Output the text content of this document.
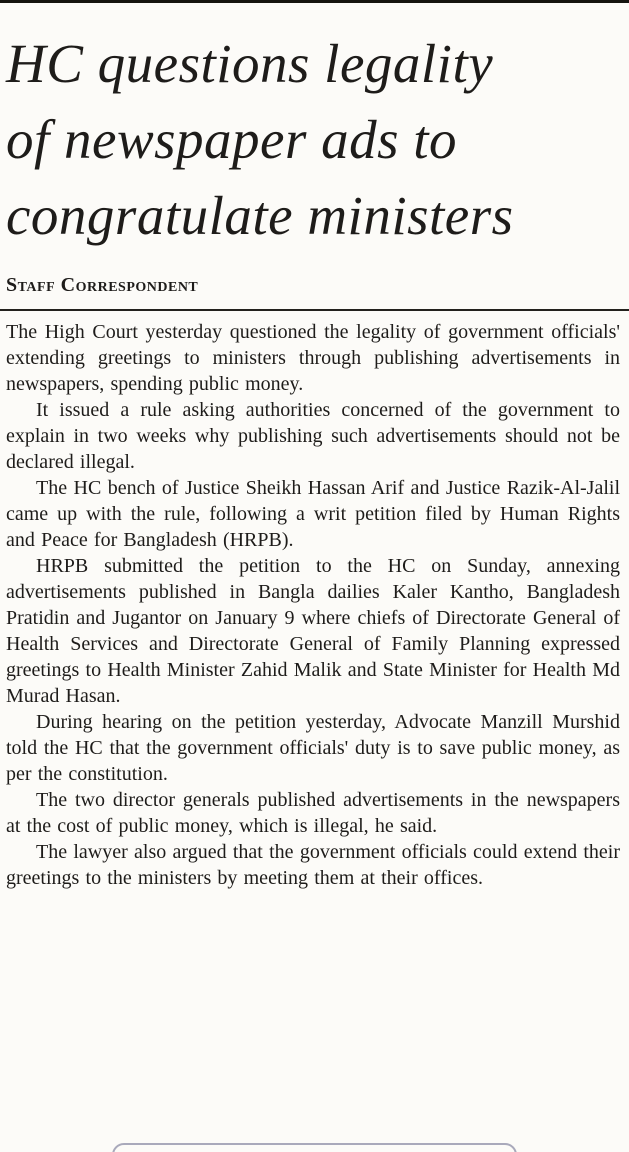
HC questions legality
of newspaper ads to
congratulate ministers
Staff Correspondent

The High Court yesterday questioned the legality of government officials' extending greetings to ministers through publishing advertisements in newspapers, spending public money.

It issued a rule asking authorities concerned of the government to explain in two weeks why publishing such advertisements should not be declared illegal.

The HC bench of Justice Sheikh Hassan Arif and Justice Razik-Al-Jalil came up with the rule, following a writ petition filed by Human Rights and Peace for Bangladesh (HRPB).

HRPB submitted the petition to the HC on Sunday, annexing advertisements published in Bangla dailies Kaler Kantho, Bangladesh Pratidin and Jugantor on January 9 where chiefs of Directorate General of Health Services and Directorate General of Family Planning expressed greetings to Health Minister Zahid Malik and State Minister for Health Md Murad Hasan.

During hearing on the petition yesterday, Advocate Manzill Murshid told the HC that the government officials' duty is to save public money, as per the constitution.

The two director generals published advertisements in the newspapers at the cost of public money, which is illegal, he said.

The lawyer also argued that the government officials could extend their greetings to the ministers by meeting them at their offices.
